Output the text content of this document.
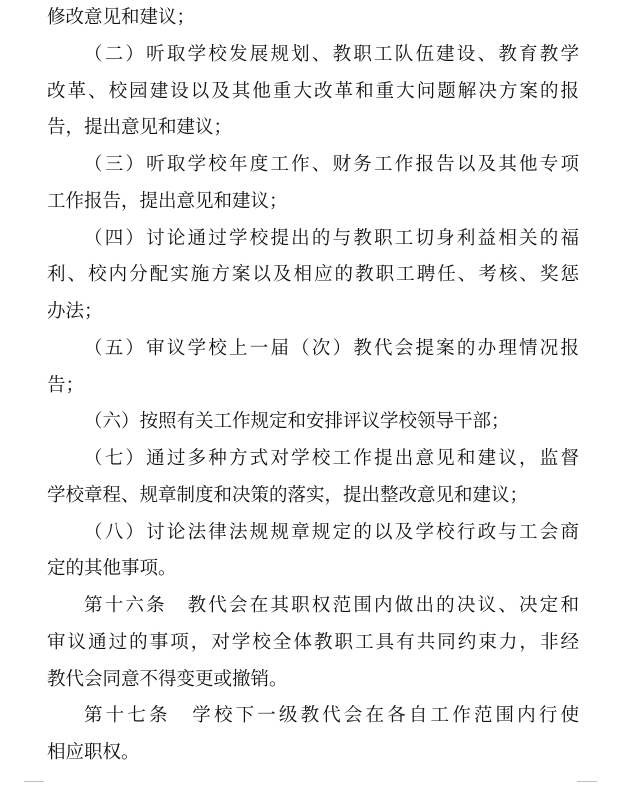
修改意见和建议；

（二）听取学校发展规划、教职工队伍建设、教育教学

改革、校园建设以及其他重大改革和重大问题解决方案的报

告，提出意见和建议；

（三）听取学校年度工作、财务工作报告以及其他专项

工作报告，提出意见和建议；

（四）讨论通过学校提出的与教职工切身利益相关的福

利、校内分配实施方案以及相应的教职工聘任、考核、奖惩

办法；

（五）审议学校上一届（次）教代会提案的办理情况报

告；

（六）按照有关工作规定和安排评议学校领导干部；

（七）通过多种方式对学校工作提出意见和建议，监督

学校章程、规章制度和决策的落实，提出整改意见和建议；

（八）讨论法律法规规章规定的以及学校行政与工会商

定的其他事项。

第十六条　教代会在其职权范围内做出的决议、决定和

审议通过的事项，对学校全体教职工具有共同约束力，非经

教代会同意不得变更或撤销。

第十七条　学校下一级教代会在各自工作范围内行使

相应职权。
